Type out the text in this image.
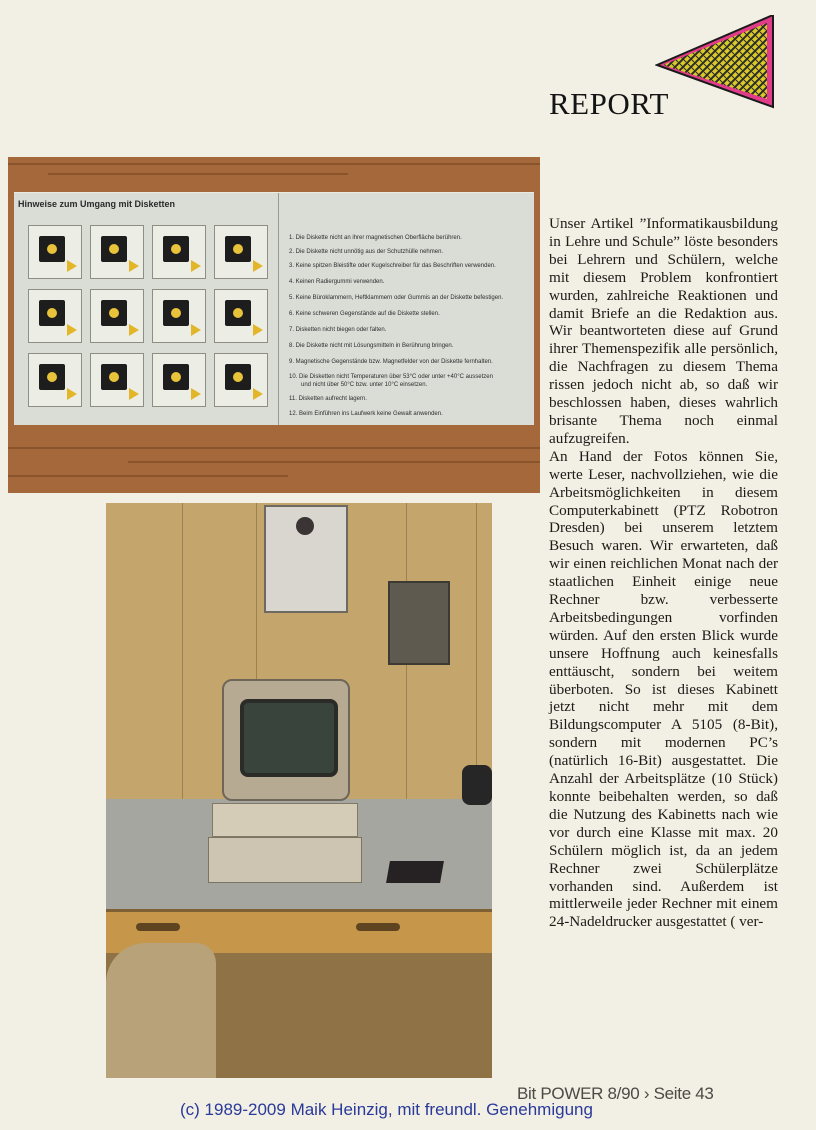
REPORT
Hinweise zum Umgang mit Disketten
1. Die Diskette nicht an ihrer magnetischen Oberfläche berühren.
2. Die Diskette nicht unnötig aus der Schutzhülle nehmen.
3. Keine spitzen Bleistifte oder Kugelschreiber für das Beschriften verwenden.
4. Keinen Radiergummi verwenden.
5. Keine Büroklammern, Heftklammern oder Gummis an der Diskette befestigen.
6. Keine schweren Gegenstände auf die Diskette stellen.
7. Disketten nicht biegen oder falten.
8. Die Diskette nicht mit Lösungsmitteln in Berührung bringen.
9. Magnetische Gegenstände bzw. Magnetfelder von der Diskette fernhalten.
10. Die Disketten nicht Temperaturen über 53°C oder unter +40°C aussetzen
und nicht über 50°C bzw. unter 10°C einsetzen.
11. Disketten aufrecht lagern.
12. Beim Einführen ins Laufwerk keine Gewalt anwenden.

Unser Artikel ”Informatikausbildung in Lehre und Schule” löste besonders bei Lehrern und Schülern, welche mit diesem Problem konfrontiert wurden, zahlreiche Reaktionen und damit Briefe an die Redaktion aus. Wir beantworteten diese auf Grund ihrer Themenspezifik alle persönlich, die Nachfragen zu diesem Thema rissen jedoch nicht ab, so daß wir beschlossen haben, dieses wahrlich brisante Thema noch einmal aufzugreifen.

An Hand der Fotos können Sie, werte Leser, nachvollziehen, wie die Arbeitsmöglichkeiten in diesem Computerkabinett (PTZ Robotron Dresden) bei unserem letztem Besuch waren. Wir erwarteten, daß wir einen reichlichen Monat nach der staatlichen Einheit einige neue Rechner bzw. verbesserte Arbeitsbedingungen vorfinden würden. Auf den ersten Blick wurde unsere Hoffnung auch keinesfalls enttäuscht, sondern bei weitem überboten. So ist dieses Kabinett jetzt nicht mehr mit dem Bildungscomputer A 5105 (8-Bit), sondern mit modernen PC’s (natürlich 16-Bit) ausgestattet. Die Anzahl der Arbeitsplätze (10 Stück) konnte beibehalten werden, so daß die Nutzung des Kabinetts nach wie vor durch eine Klasse mit max. 20 Schülern möglich ist, da an jedem Rechner zwei Schülerplätze vorhanden sind. Außerdem ist mittlerweile jeder Rechner mit einem 24-Nadeldrucker ausgestattet ( ver-

Bit POWER 8/90 › Seite 43
(c) 1989-2009 Maik Heinzig, mit freundl. Genehmigung
